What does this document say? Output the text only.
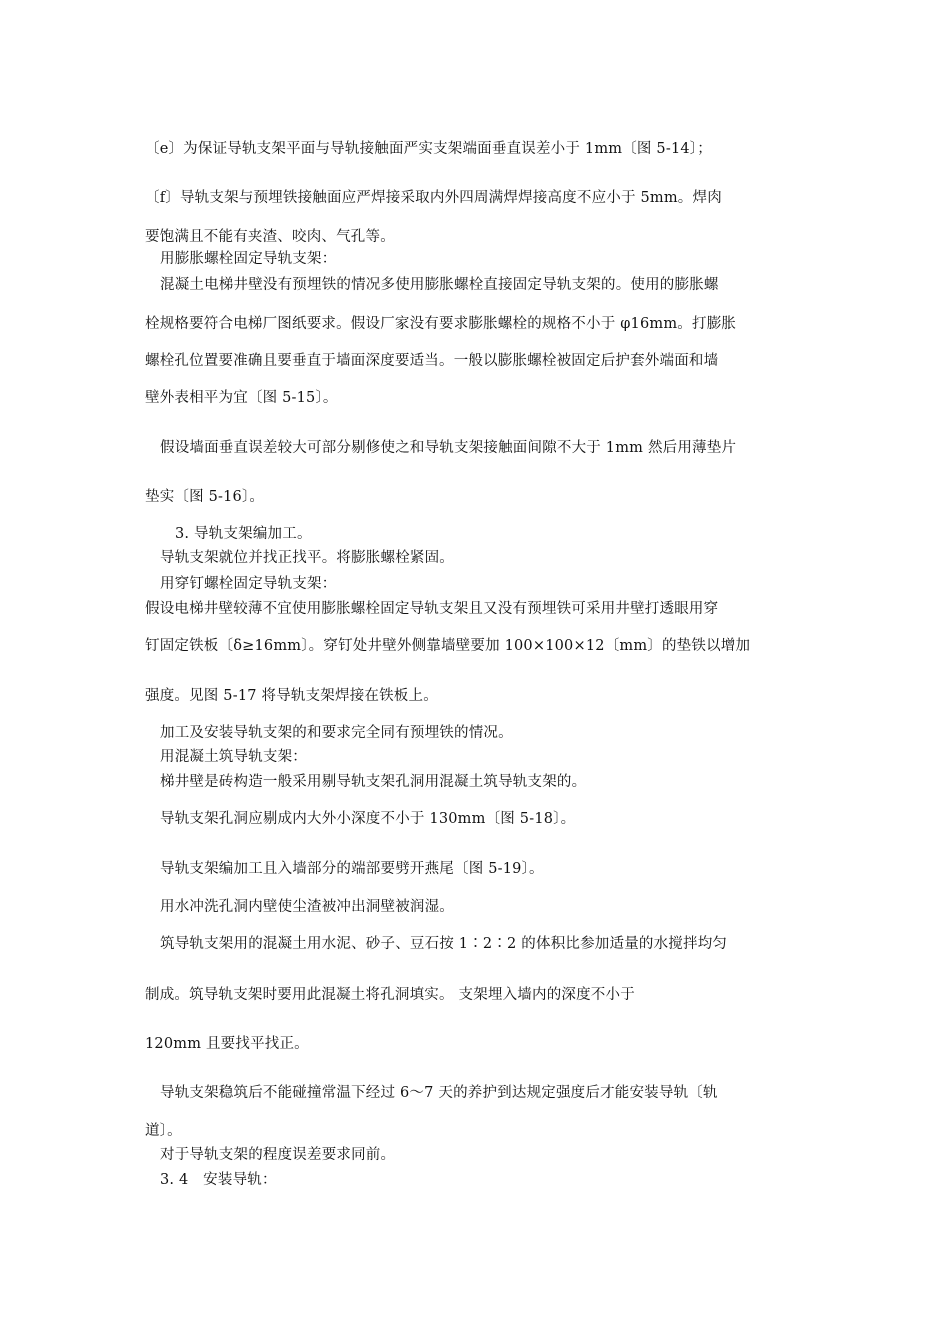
〔e〕为保证导轨支架平面与导轨接触面严实支架端面垂直误差小于 1mm〔图 5-14〕；
〔f〕导轨支架与预埋铁接触面应严焊接采取内外四周满焊焊接高度不应小于 5mm。焊肉
要饱满且不能有夹渣、咬肉、气孔等。
用膨胀螺栓固定导轨支架：
混凝土电梯井壁没有预埋铁的情况多使用膨胀螺栓直接固定导轨支架的。使用的膨胀螺
栓规格要符合电梯厂图纸要求。假设厂家没有要求膨胀螺栓的规格不小于 φ16mm。打膨胀
螺栓孔位置要准确且要垂直于墙面深度要适当。一般以膨胀螺栓被固定后护套外端面和墙
壁外表相平为宜〔图 5-15〕。
假设墙面垂直误差较大可部分剔修使之和导轨支架接触面间隙不大于 1mm 然后用薄垫片
垫实〔图 5-16〕。
3. 导轨支架编加工。
导轨支架就位并找正找平。将膨胀螺栓紧固。
用穿钉螺栓固定导轨支架：
假设电梯井壁较薄不宜使用膨胀螺栓固定导轨支架且又没有预埋铁可采用井壁打透眼用穿
钉固定铁板〔δ≥16mm〕。穿钉处井壁外侧靠墙壁要加 100×100×12〔mm〕的垫铁以增加
强度。见图 5-17 将导轨支架焊接在铁板上。
加工及安装导轨支架的和要求完全同有预埋铁的情况。
用混凝土筑导轨支架：
梯井壁是砖构造一般采用剔导轨支架孔洞用混凝土筑导轨支架的。
导轨支架孔洞应剔成内大外小深度不小于 130mm〔图 5-18〕。
导轨支架编加工且入墙部分的端部要劈开燕尾〔图 5-19〕。
用水冲洗孔洞内壁使尘渣被冲出洞壁被润湿。
筑导轨支架用的混凝土用水泥、砂子、豆石按 1∶2∶2 的体积比参加适量的水搅拌均匀
制成。筑导轨支架时要用此混凝土将孔洞填实。 支架埋入墙内的深度不小于
120mm 且要找平找正。
导轨支架稳筑后不能碰撞常温下经过 6～7 天的养护到达规定强度后才能安装导轨〔轨
道〕。
对于导轨支架的程度误差要求同前。
3. 4　安装导轨：
